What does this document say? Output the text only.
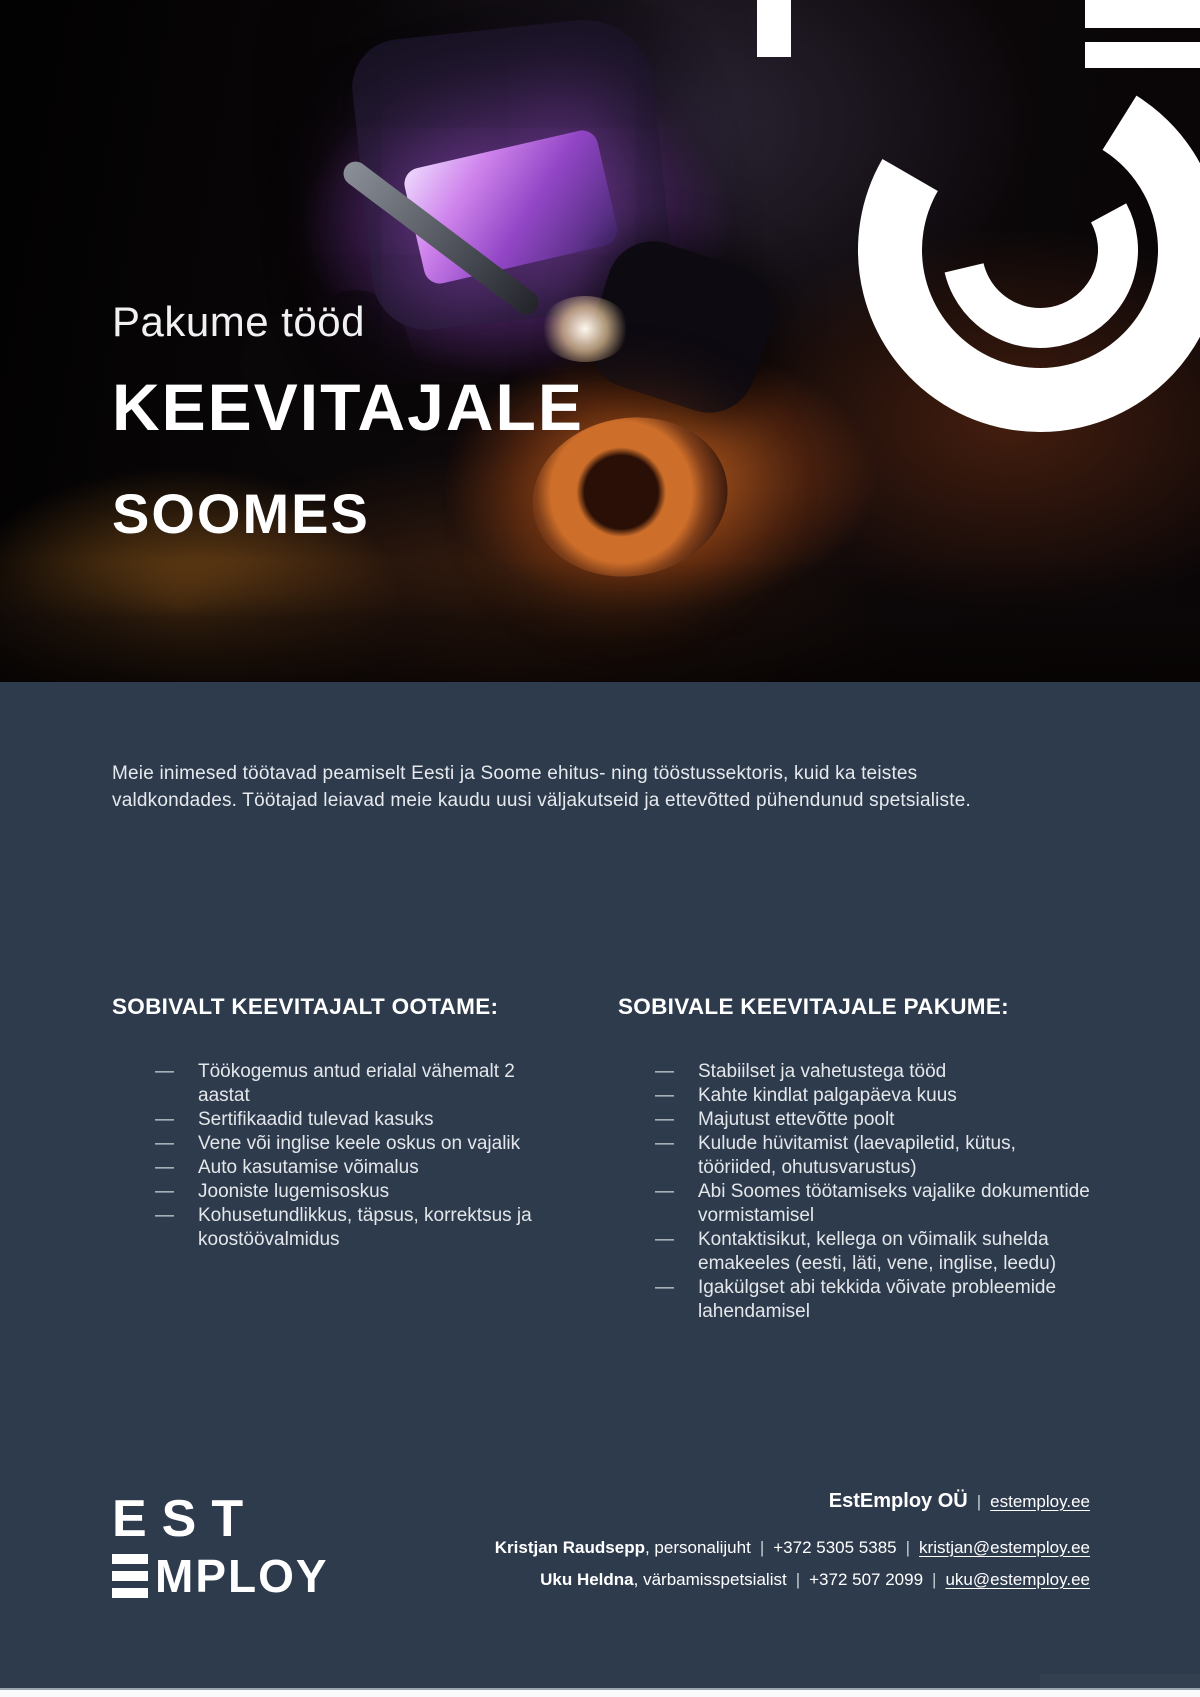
Pakume tööd
KEEVITAJALE
SOOMES

Meie inimesed töötavad peamiselt Eesti ja Soome ehitus- ning tööstussektoris, kuid ka teistes valdkondades. Töötajad leiavad meie kaudu uusi väljakutseid ja ettevõtted pühendunud spetsialiste.

SOBIVALT KEEVITAJALT OOTAME:
—	Töökogemus antud erialal vähemalt 2 aastat
—	Sertifikaadid tulevad kasuks
—	Vene või inglise keele oskus on vajalik
—	Auto kasutamise võimalus
—	Jooniste lugemisoskus
—	Kohusetundlikkus, täpsus, korrektsus ja koostöövalmidus
SOBIVALE KEEVITAJALE PAKUME:
—	Stabiilset ja vahetustega tööd
—	Kahte kindlat palgapäeva kuus
—	Majutust ettevõtte poolt
—	Kulude hüvitamist (laevapiletid, kütus, tööriided, ohutusvarustus)
—	Abi Soomes töötamiseks vajalike dokumentide vormistamisel
—	Kontaktisikut, kellega on võimalik suhelda emakeeles (eesti, läti, vene, inglise, leedu)
—	Igakülgset abi tekkida võivate probleemide lahendamisel
EST
MPLOY
EstEmploy OÜ | estemploy.ee
Kristjan Raudsepp, personalijuht | +372 5305 5385 | kristjan@estemploy.ee
Uku Heldna, värbamisspetsialist | +372 507 2099 | uku@estemploy.ee
